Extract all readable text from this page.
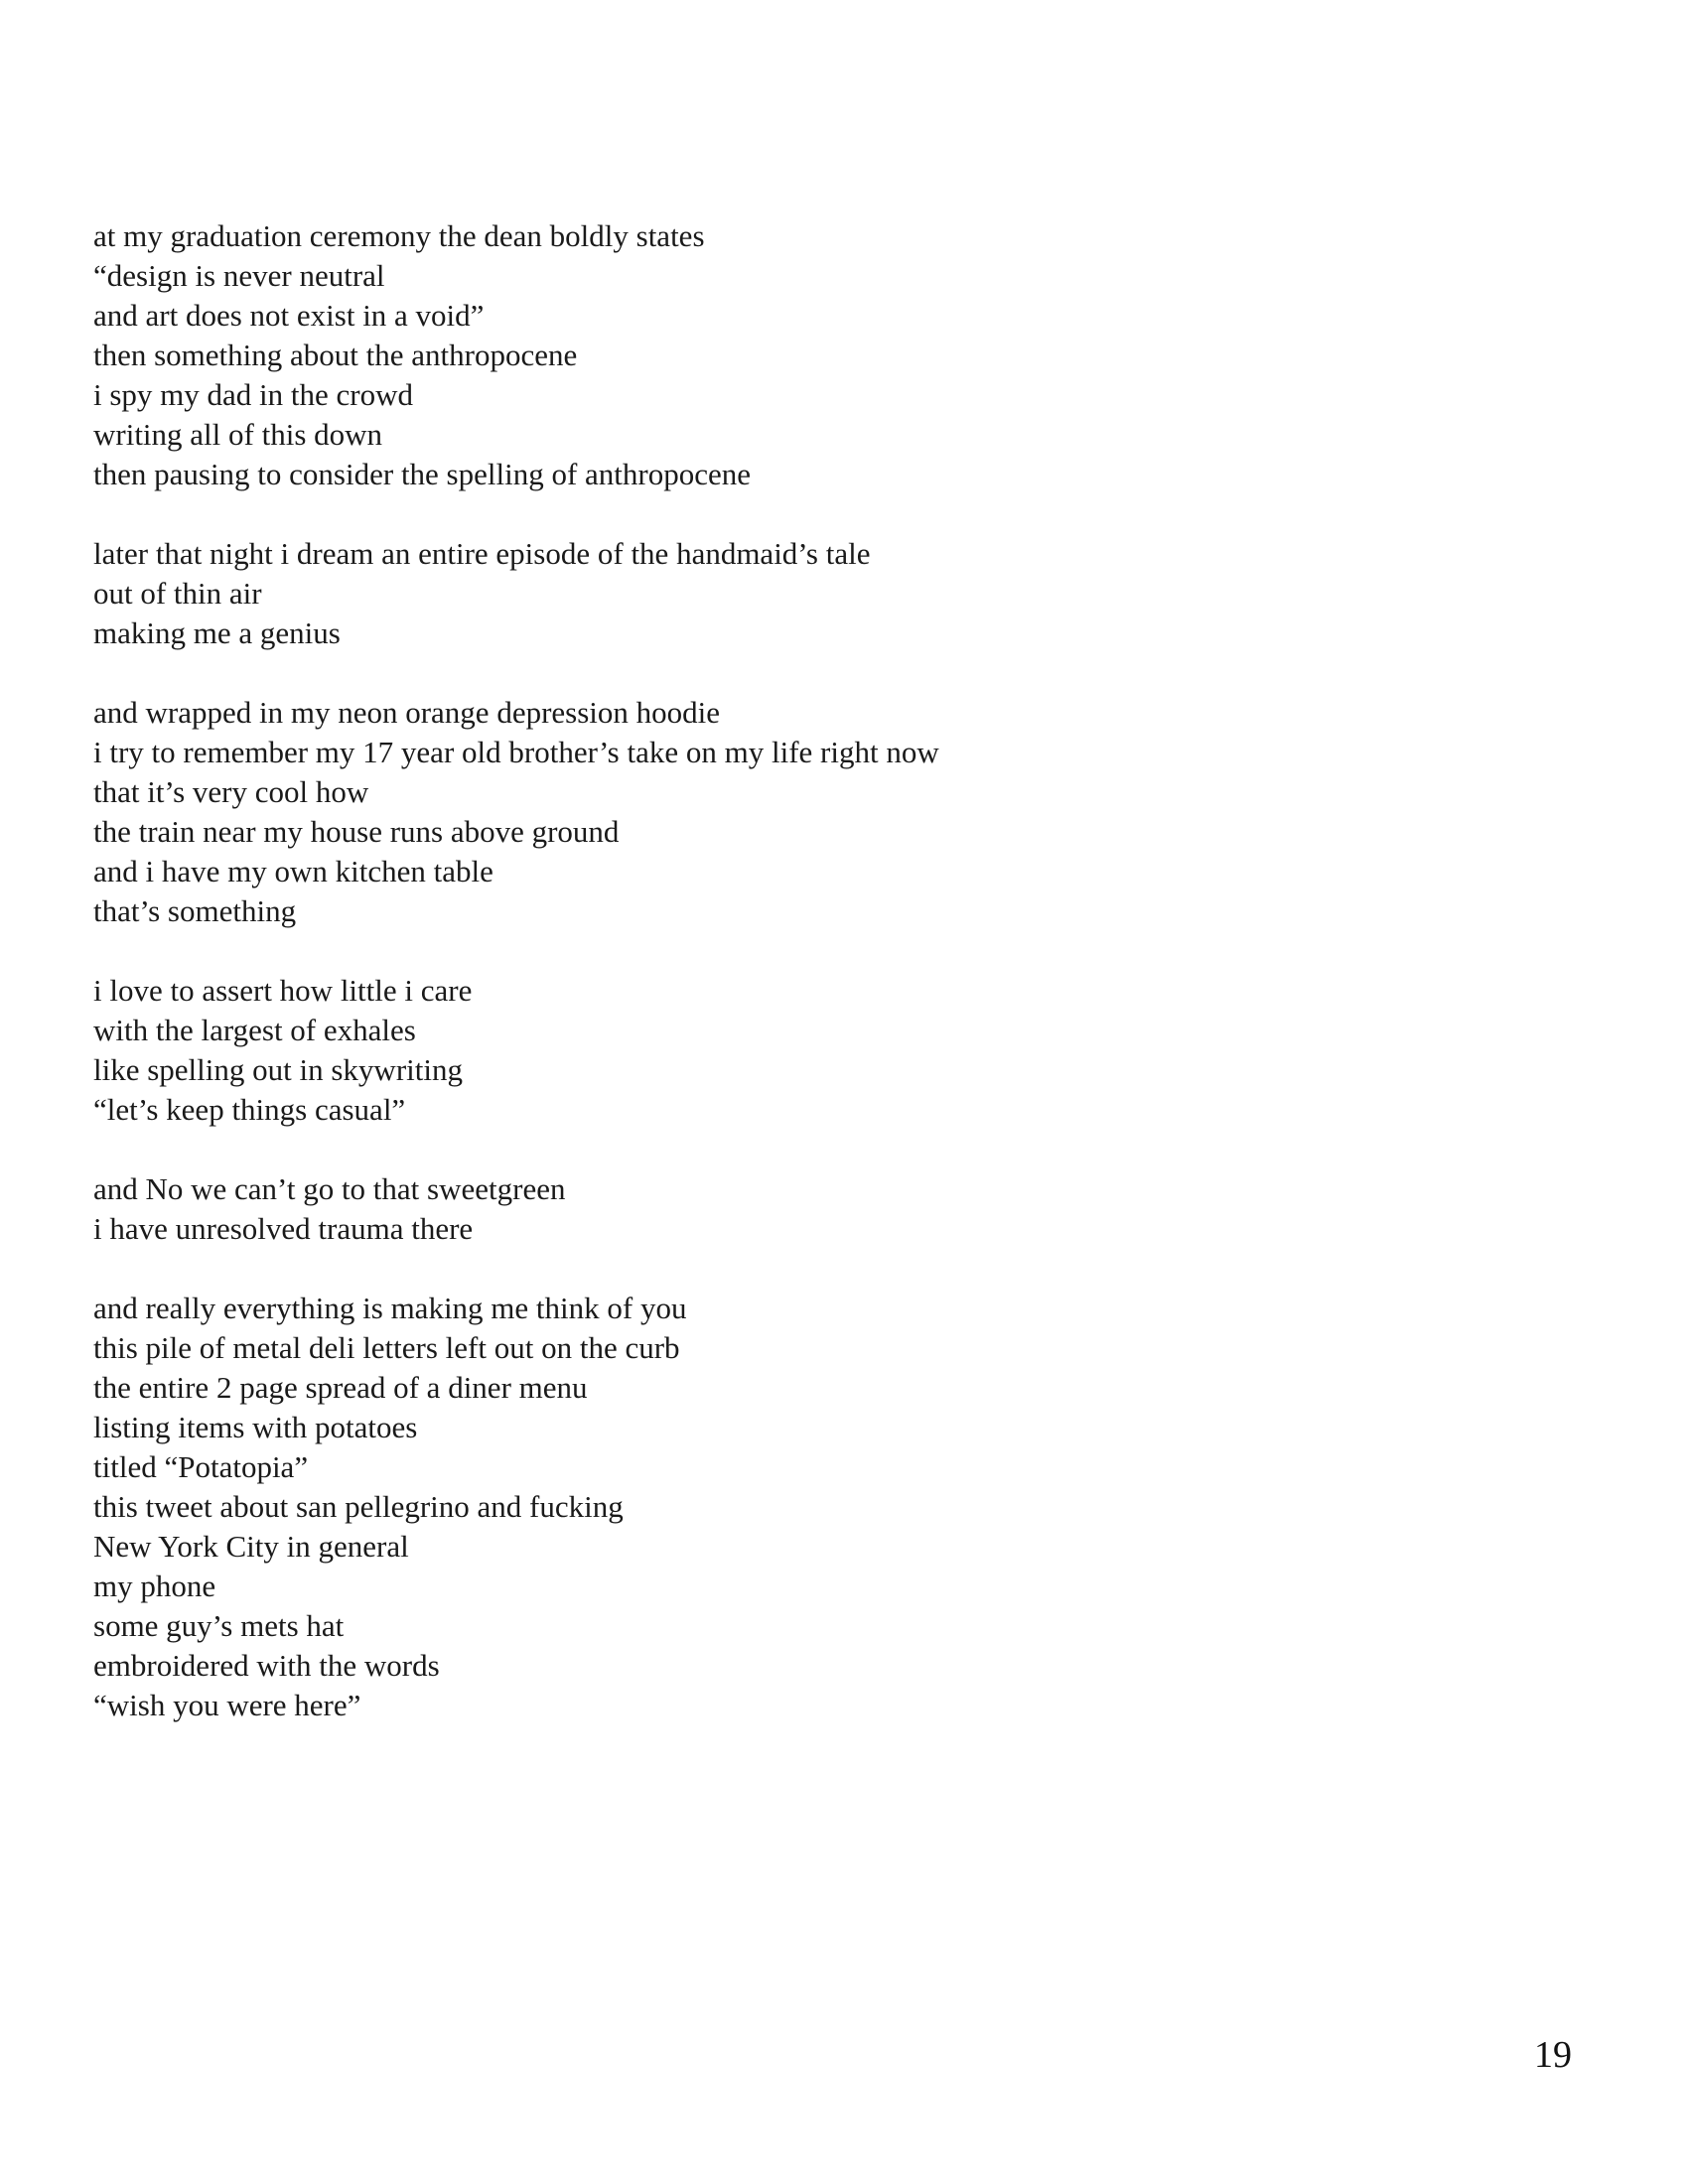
at my graduation ceremony the dean boldly states
“design is never neutral
and art does not exist in a void”
then something about the anthropocene
i spy my dad in the crowd
writing all of this down
then pausing to consider the spelling of anthropocene
later that night i dream an entire episode of the handmaid’s tale
out of thin air
making me a genius
and wrapped in my neon orange depression hoodie
i try to remember my 17 year old brother’s take on my life right now
that it’s very cool how
the train near my house runs above ground
and i have my own kitchen table
that’s something
i love to assert how little i care
with the largest of exhales
like spelling out in skywriting
“let’s keep things casual”
and No we can’t go to that sweetgreen
i have unresolved trauma there
and really everything is making me think of you
this pile of metal deli letters left out on the curb
the entire 2 page spread of a diner menu
listing items with potatoes
titled “Potatopia”
this tweet about san pellegrino and fucking
New York City in general
my phone
some guy’s mets hat
embroidered with the words
“wish you were here”
19
